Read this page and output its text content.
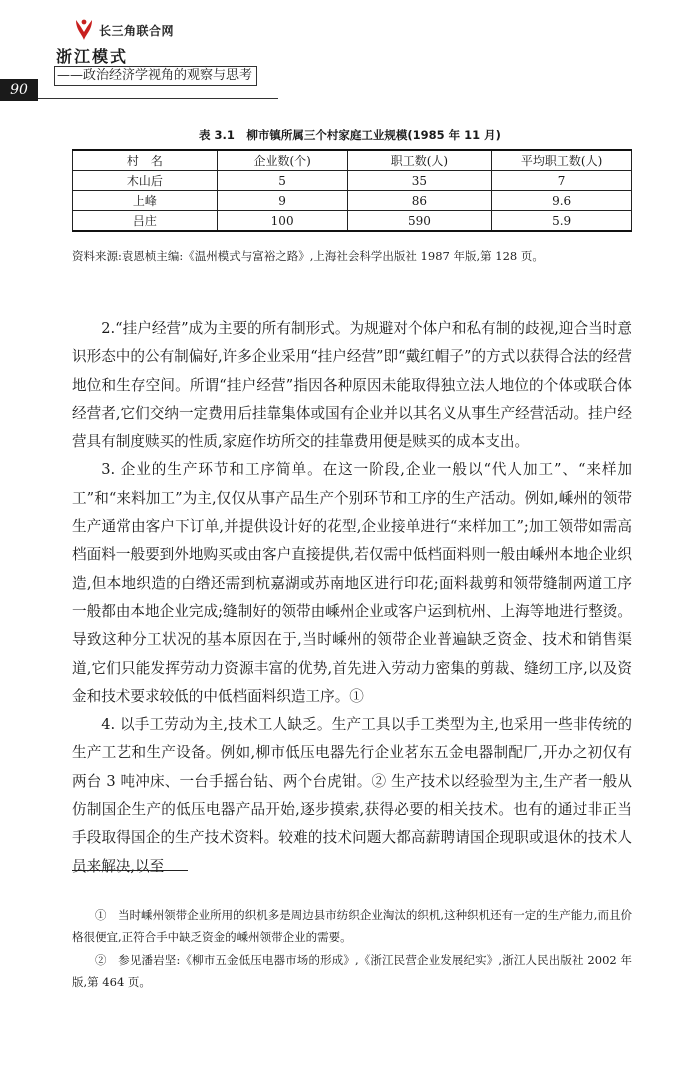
长三角联合网
浙江模式
——政治经济学视角的观察与思考
90
表 3.1　柳市镇所属三个村家庭工业规模(1985 年 11 月)
村　名	企业数(个)	职工数(人)	平均职工数(人)
木山后	5	35	7
上峰	9	86	9.6
吕庄	100	590	5.9
资料来源:袁恩桢主编:《温州模式与富裕之路》,上海社会科学出版社 1987 年版,第 128 页。

2.“挂户经营”成为主要的所有制形式。为规避对个体户和私有制的歧视,迎合当时意识形态中的公有制偏好,许多企业采用“挂户经营”即“戴红帽子”的方式以获得合法的经营地位和生存空间。所谓“挂户经营”指因各种原因未能取得独立法人地位的个体或联合体经营者,它们交纳一定费用后挂靠集体或国有企业并以其名义从事生产经营活动。挂户经营具有制度赎买的性质,家庭作坊所交的挂靠费用便是赎买的成本支出。

3. 企业的生产环节和工序简单。在这一阶段,企业一般以“代人加工”、“来样加工”和“来料加工”为主,仅仅从事产品生产个别环节和工序的生产活动。例如,嵊州的领带生产通常由客户下订单,并提供设计好的花型,企业接单进行“来样加工”;加工领带如需高档面料一般要到外地购买或由客户直接提供,若仅需中低档面料则一般由嵊州本地企业织造,但本地织造的白绺还需到杭嘉湖或苏南地区进行印花;面料裁剪和领带缝制两道工序一般都由本地企业完成;缝制好的领带由嵊州企业或客户运到杭州、上海等地进行整烫。导致这种分工状况的基本原因在于,当时嵊州的领带企业普遍缺乏资金、技术和销售渠道,它们只能发挥劳动力资源丰富的优势,首先进入劳动力密集的剪裁、缝纫工序,以及资金和技术要求较低的中低档面料织造工序。①

4. 以手工劳动为主,技术工人缺乏。生产工具以手工类型为主,也采用一些非传统的生产工艺和生产设备。例如,柳市低压电器先行企业茗东五金电器制配厂,开办之初仅有两台 3 吨冲床、一台手摇台钻、两个台虎钳。② 生产技术以经验型为主,生产者一般从仿制国企生产的低压电器产品开始,逐步摸索,获得必要的相关技术。也有的通过非正当手段取得国企的生产技术资料。较难的技术问题大都高薪聘请国企现职或退休的技术人员来解决,以至

①　当时嵊州领带企业所用的织机多是周边县市纺织企业淘汰的织机,这种织机还有一定的生产能力,而且价格很便宜,正符合手中缺乏资金的嵊州领带企业的需要。

②　参见潘岩坚:《柳市五金低压电器市场的形成》,《浙江民营企业发展纪实》,浙江人民出版社 2002 年版,第 464 页。
